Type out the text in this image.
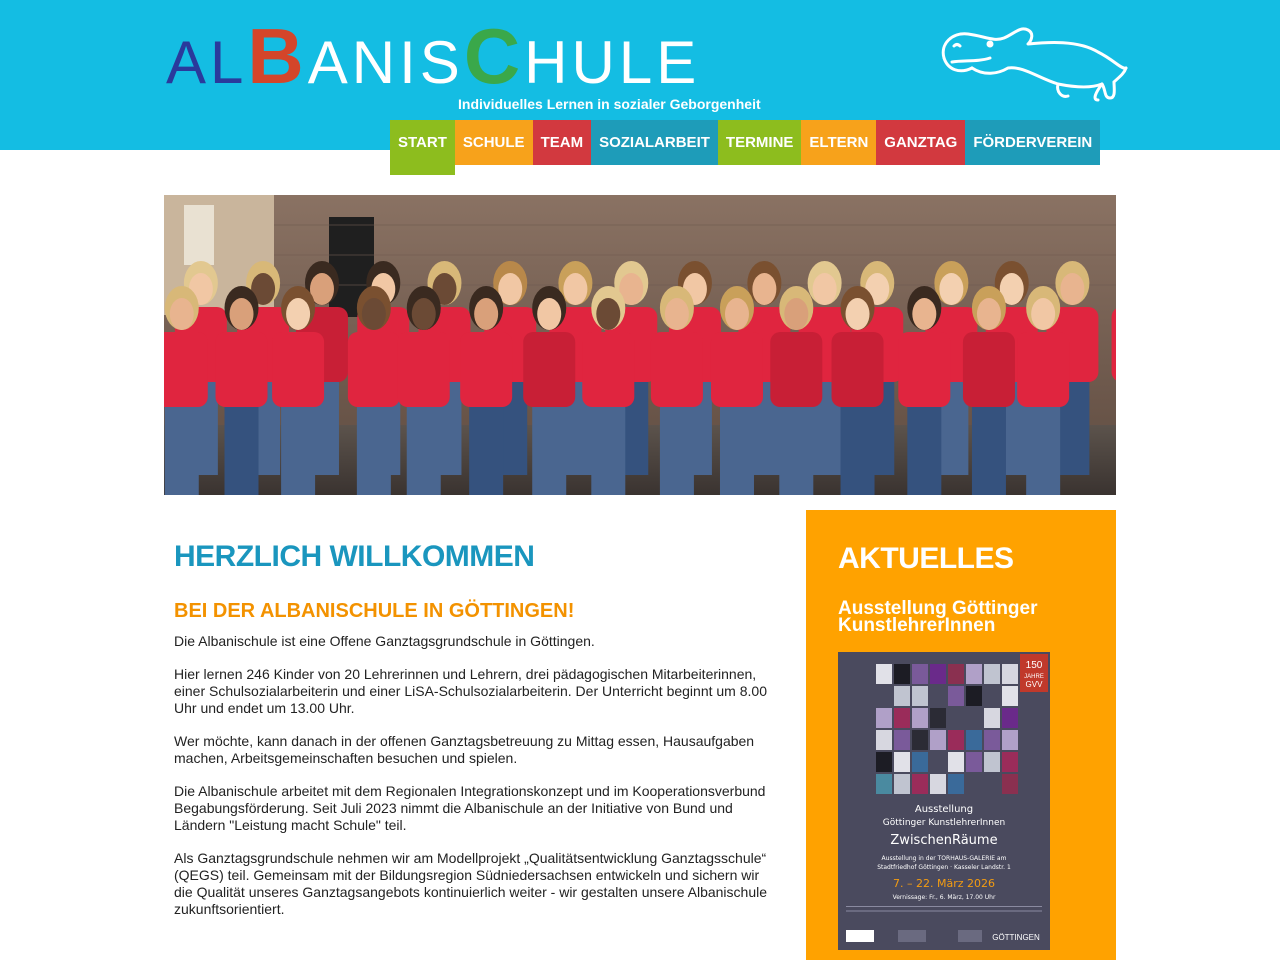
ALBANISCHULE
Individuelles Lernen in sozialer Geborgenheit
START	SCHULE	TEAM	SOZIALARBEIT	TERMINE	ELTERN	GANZTAG	FÖRDERVEREIN
HERZLICH WILLKOMMEN
BEI DER ALBANISCHULE IN GÖTTINGEN!

Die Albanischule ist eine Offene Ganztagsgrundschule in Göttingen.

Hier lernen 246 Kinder von 20 Lehrerinnen und Lehrern, drei pädagogischen Mitarbeiterinnen, einer Schulsozialarbeiterin und einer LiSA-Schulsozialarbeiterin. Der Unterricht beginnt um 8.00 Uhr und endet um 13.00 Uhr.

Wer möchte, kann danach in der offenen Ganztagsbetreuung zu Mittag essen, Hausaufgaben machen, Arbeitsgemeinschaften besuchen und spielen.

Die Albanischule arbeitet mit dem Regionalen Integrationskonzept und im Kooperationsverbund Begabungsförderung. Seit Juli 2023 nimmt die Albanischule an der Initiative von Bund und Ländern "Leistung macht Schule" teil.

Als Ganztagsgrundschule nehmen wir am Modellprojekt „Qualitätsentwicklung Ganztagsschule“ (QEGS) teil. Gemeinsam mit der Bildungsregion Südniedersachsen entwickeln und sichern wir die Qualität unseres Ganztagsangebots kontinuierlich weiter - wir gestalten unsere Albanischule zukunftsorientiert.

AKTUELLES
Ausstellung Göttinger KunstlehrerInnen
150
JAHRE
GVV
Ausstellung
Göttinger KunstlehrerInnen
ZwischenRäume
Ausstellung in der TORHAUS-GALERIE am
Stadtfriedhof Göttingen · Kasseler Landstr. 1
7. – 22. März 2026
Vernissage: Fr., 6. März, 17.00 Uhr
GÖTTINGEN
